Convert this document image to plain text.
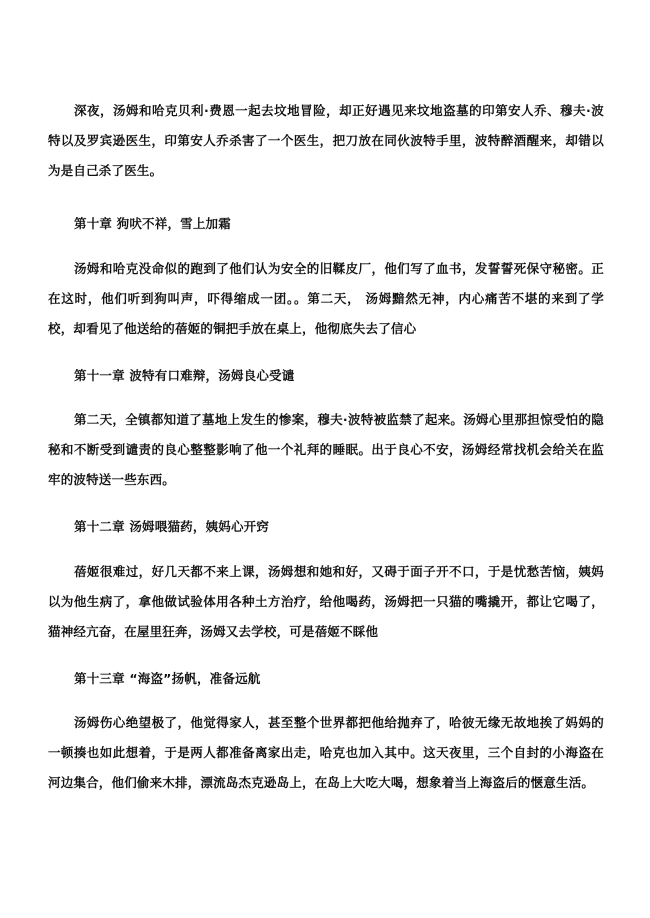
深夜，汤姆和哈克贝利·费恩一起去坟地冒险，却正好遇见来坟地盗墓的印第安人乔、穆夫·波特以及罗宾逊医生，印第安人乔杀害了一个医生，把刀放在同伙波特手里，波特醉酒醒来，却错以为是自己杀了医生。

第十章 狗吠不祥，雪上加霜

汤姆和哈克没命似的跑到了他们认为安全的旧鞣皮厂，他们写了血书，发誓誓死保守秘密。正在这时，他们听到狗叫声，吓得缩成一团。。第二天， 汤姆黯然无神，内心痛苦不堪的来到了学校，却看见了他送给的蓓姬的铜把手放在桌上，他彻底失去了信心

第十一章 波特有口难辩，汤姆良心受谴

第二天，全镇都知道了墓地上发生的惨案，穆夫·波特被监禁了起来。汤姆心里那担惊受怕的隐秘和不断受到谴责的良心整整影响了他一个礼拜的睡眠。出于良心不安，汤姆经常找机会给关在监牢的波特送一些东西。

第十二章 汤姆喂猫药，姨妈心开窍

蓓姬很难过，好几天都不来上课，汤姆想和她和好，又碍于面子开不口，于是忧愁苦恼，姨妈以为他生病了，拿他做试验体用各种土方治疗，给他喝药，汤姆把一只猫的嘴撬开，都让它喝了，猫神经亢奋，在屋里狂奔，汤姆又去学校，可是蓓姬不睬他

第十三章 “海盗”扬帆，准备远航

汤姆伤心绝望极了，他觉得家人，甚至整个世界都把他给抛弃了，哈彼无缘无故地挨了妈妈的一顿揍也如此想着，于是两人都准备离家出走，哈克也加入其中。这天夜里，三个自封的小海盗在河边集合，他们偷来木排，漂流岛杰克逊岛上，在岛上大吃大喝，想象着当上海盗后的惬意生活。
